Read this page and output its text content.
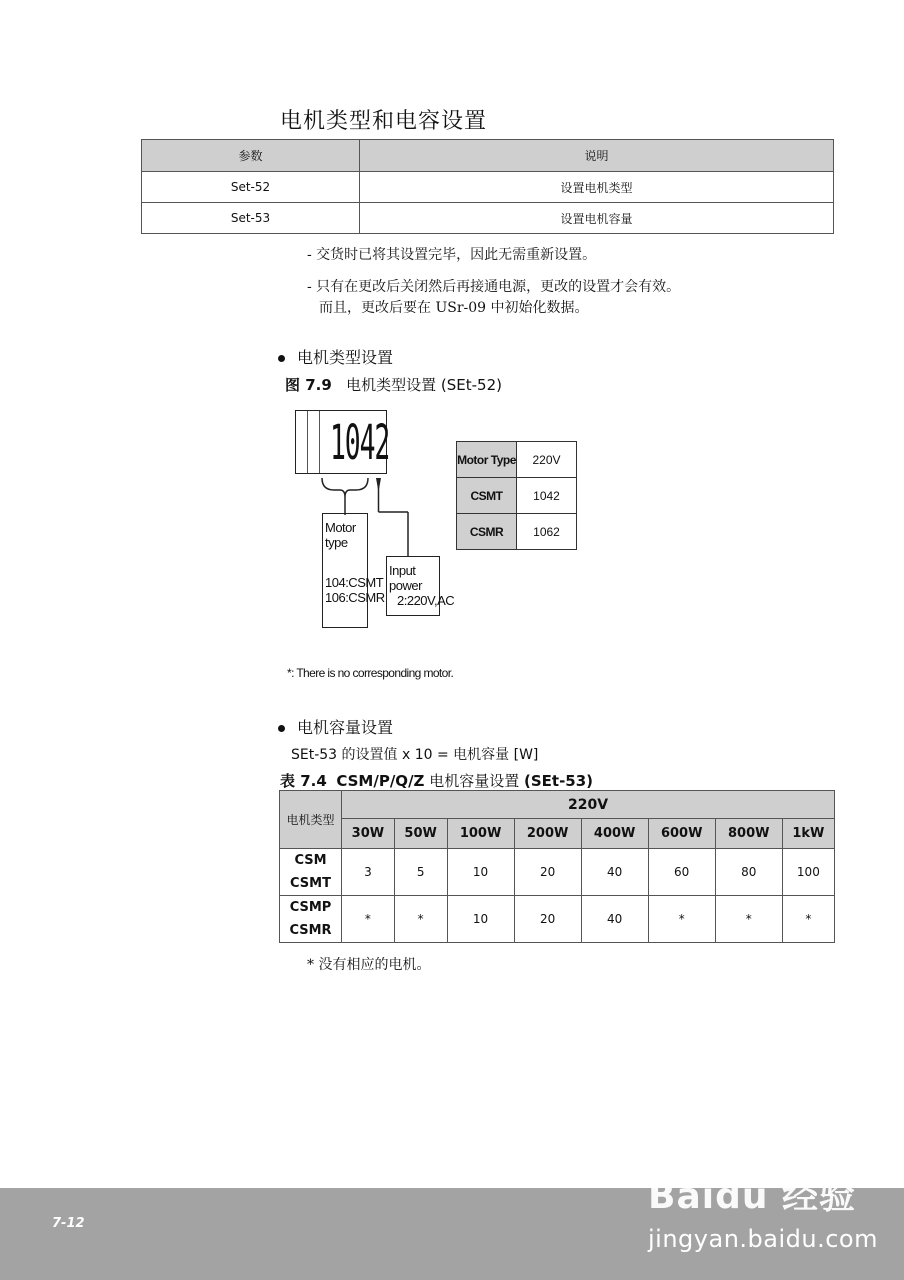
电机类型和电容设置
参数	说明
Set-52	设置电机类型
Set-53	设置电机容量
- 交货时已将其设置完毕，因此无需重新设置。
- 只有在更改后关闭然后再接通电源，更改的设置才会有效。
而且，更改后要在 USr-09 中初始化数据。
电机类型设置
图 7.9 电机类型设置 (SEt-52)
1042
Motor type
104:CSMT
106:CSMR
Input power
2:220V,AC
Motor Type	220V
CSMT	1042
CSMR	1062
*: There is no corresponding motor.
电机容量设置
SEt-53 的设置值 x 10 = 电机容量 [W]
表 7.4 CSM/P/Q/Z 电机容量设置 (SEt-53)
电机类型	220V							
	30W	50W	100W	200W	400W	600W	800W	1kW

CSM
CSMT	3	5	10	20	40	60	80	100

CSMP
CSMR	*	*	10	20	40	*	*	*
* 没有相应的电机。
7-12
Baidu 经验
jingyan.baidu.com
